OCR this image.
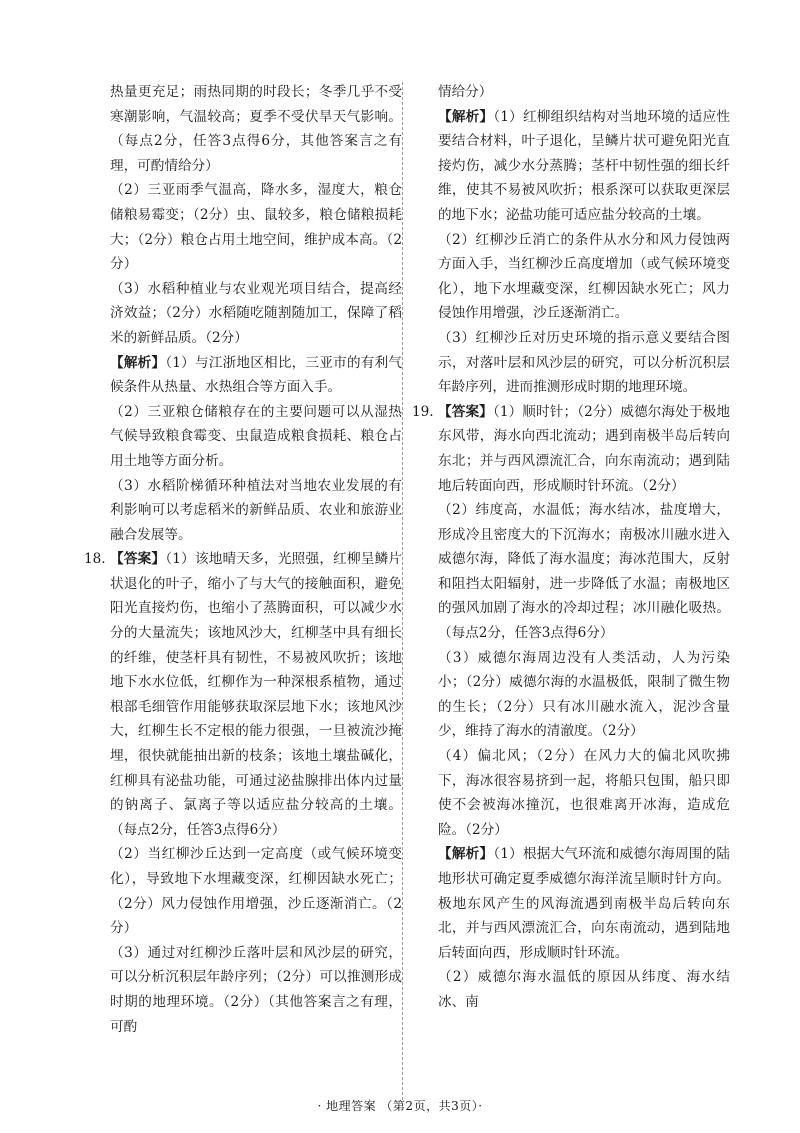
热量更充足；雨热同期的时段长；冬季几乎不受寒潮影响，气温较高；夏季不受伏旱天气影响。（每点2分，任答3点得6分，其他答案言之有理，可酌情给分）

（2）三亚雨季气温高，降水多，湿度大，粮仓储粮易霉变；（2分）虫、鼠较多，粮仓储粮损耗大；（2分）粮仓占用土地空间，维护成本高。（2分）

（3）水稻种植业与农业观光项目结合，提高经济效益；（2分）水稻随吃随割随加工，保障了稻米的新鲜品质。（2分）

【解析】（1）与江浙地区相比，三亚市的有利气候条件从热量、水热组合等方面入手。

（2）三亚粮仓储粮存在的主要问题可以从湿热气候导致粮食霉变、虫鼠造成粮食损耗、粮仓占用土地等方面分析。

（3）水稻阶梯循环种植法对当地农业发展的有利影响可以考虑稻米的新鲜品质、农业和旅游业融合发展等。

18. 【答案】（1）该地晴天多，光照强，红柳呈鳞片状退化的叶子，缩小了与大气的接触面积，避免阳光直接灼伤，也缩小了蒸腾面积，可以减少水分的大量流失；该地风沙大，红柳茎中具有细长的纤维，使茎杆具有韧性，不易被风吹折；该地地下水水位低，红柳作为一种深根系植物，通过根部毛细管作用能够获取深层地下水；该地风沙大，红柳生长不定根的能力很强，一旦被流沙掩埋，很快就能抽出新的枝条；该地土壤盐碱化，红柳具有泌盐功能，可通过泌盐腺排出体内过量的钠离子、氯离子等以适应盐分较高的土壤。（每点2分，任答3点得6分）

（2）当红柳沙丘达到一定高度（或气候环境变化），导致地下水埋藏变深，红柳因缺水死亡；（2分）风力侵蚀作用增强，沙丘逐渐消亡。（2分）

（3）通过对红柳沙丘落叶层和风沙层的研究，可以分析沉积层年龄序列；（2分）可以推测形成时期的地理环境。（2分）（其他答案言之有理，可酌

情给分）

【解析】（1）红柳组织结构对当地环境的适应性要结合材料，叶子退化，呈鳞片状可避免阳光直接灼伤，减少水分蒸腾；茎杆中韧性强的细长纤维，使其不易被风吹折；根系深可以获取更深层的地下水；泌盐功能可适应盐分较高的土壤。

（2）红柳沙丘消亡的条件从水分和风力侵蚀两方面入手，当红柳沙丘高度增加（或气候环境变化），地下水埋藏变深，红柳因缺水死亡；风力侵蚀作用增强，沙丘逐渐消亡。

（3）红柳沙丘对历史环境的指示意义要结合图示，对落叶层和风沙层的研究，可以分析沉积层年龄序列，进而推测形成时期的地理环境。

19. 【答案】（1）顺时针；（2分）威德尔海处于极地东风带，海水向西北流动；遇到南极半岛后转向东北；并与西风漂流汇合，向东南流动；遇到陆地后转面向西，形成顺时针环流。（2分）

（2）纬度高，水温低；海水结冰，盐度增大，形成冷且密度大的下沉海水；南极冰川融水进入威德尔海，降低了海水温度；海冰范围大，反射和阻挡太阳辐射，进一步降低了水温；南极地区的强风加剧了海水的冷却过程；冰川融化吸热。（每点2分，任答3点得6分）

（3）威德尔海周边没有人类活动，人为污染小；（2分）威德尔海的水温极低，限制了微生物的生长；（2分）只有冰川融水流入，泥沙含量少，维持了海水的清澈度。（2分）

（4）偏北风；（2分）在风力大的偏北风吹拂下，海冰很容易挤到一起，将船只包围，船只即使不会被海冰撞沉，也很难离开冰海，造成危险。（2分）

【解析】（1）根据大气环流和威德尔海周围的陆地形状可确定夏季威德尔海洋流呈顺时针方向。极地东风产生的风海流遇到南极半岛后转向东北，并与西风漂流汇合，向东南流动，遇到陆地后转面向西，形成顺时针环流。

（2）威德尔海水温低的原因从纬度、海水结冰、南

· 地理答案 （第2页，共3页）·
